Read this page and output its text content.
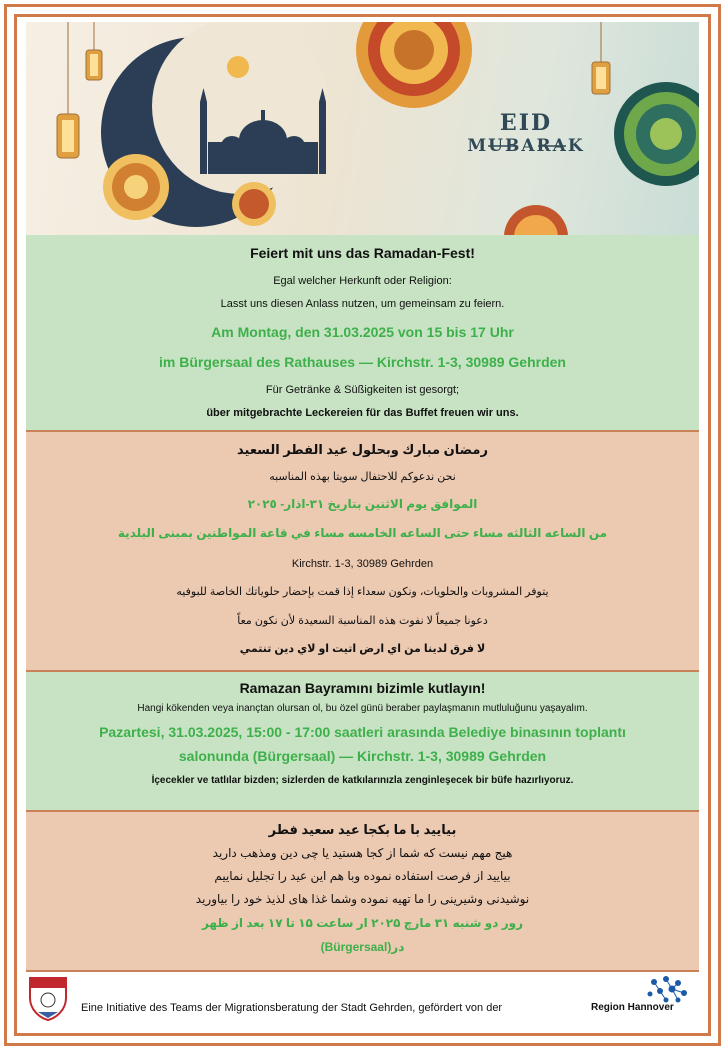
EID
MUBARAK
Feiert mit uns das Ramadan-Fest!
Egal welcher Herkunft oder Religion:
Lasst uns diesen Anlass nutzen, um gemeinsam zu feiern.
Am Montag, den 31.03.2025 von 15 bis 17 Uhr
im Bürgersaal des Rathauses — Kirchstr. 1-3, 30989 Gehrden
Für Getränke & Süßigkeiten ist gesorgt;
über mitgebrachte Leckereien für das Buffet freuen wir uns.
رمضان مبارك وبحلول عيد الفطر السعيد
نحن ندعوكم للاحتفال سويتا بهذه المناسبه
الموافق يوم الاثنين بتاريخ ٣١-اذار- ٢٠٢٥
من الساعه الثالثه مساء حتى الساعه الخامسه مساء في قاعة المواطنين بمبنى البلدية
Kirchstr. 1-3, 30989 Gehrden
يتوفر المشروبات والحلويات، ونكون سعداء إذا قمت بإحضار حلوياتك الخاصة للبوفيه
دعونا جميعاً لا نفوت هذه المناسبة السعيدة لأن نكون معاً
لا فرق لدينا من اي ارض اتيت او لاي دين تنتمي
Ramazan Bayramını bizimle kutlayın!
Hangi kökenden veya inançtan olursan ol, bu özel günü beraber paylaşmanın mutluluğunu yaşayalım.
Pazartesi, 31.03.2025, 15:00 - 17:00 saatleri arasında Belediye binasının toplantı
salonunda (Bürgersaal) — Kirchstr. 1-3, 30989 Gehrden
İçecekler ve tatlılar bizden; sizlerden de katkılarınızla zenginleşecek bir büfe hazırlıyoruz.
بیایید با ما بکجا عید سعید فطر
هیج مهم نیست که شما از کجا هستید یا چی دین ومذهب دارید
بیایید از فرصت استفاده نموده وبا هم این عید را تجلیل نماییم
نوشیدنی وشیرینی را ما تهیه نموده وشما غذا های لذیذ خود را بیاورید
رور دو شنبه ۳۱ مارچ ۲۰۲۵ ار ساعت ۱۵ تا ۱۷ بعد از ظهر
در(Bürgersaal)
Eine Initiative des Teams der Migrationsberatung der Stadt Gehrden, gefördert von der	Region Hannover
